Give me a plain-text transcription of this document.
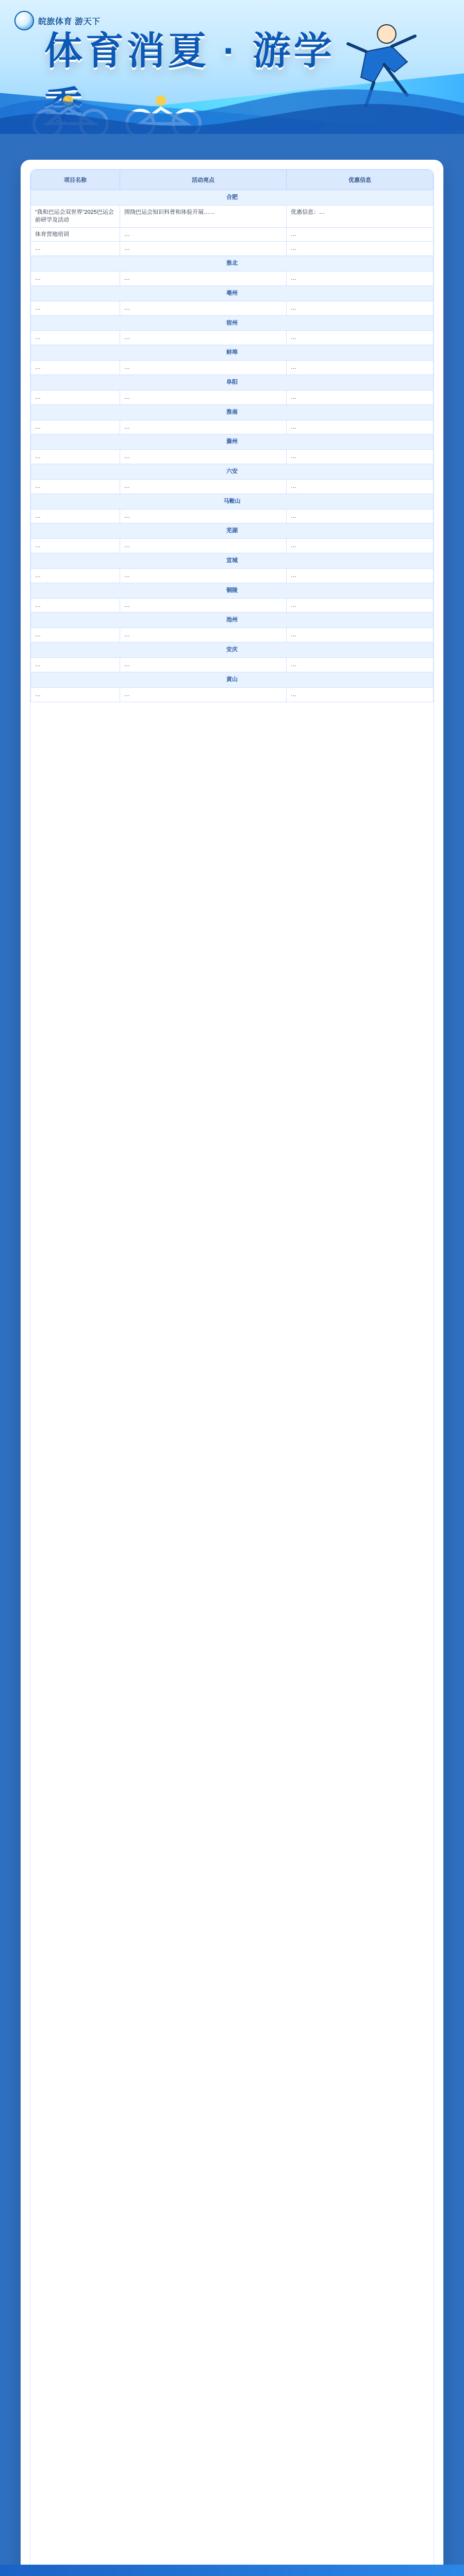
皖旅体育 游天下
体育消夏 · 游学
项目名称	活动亮点	优惠信息
合肥		
“我和巴运会双世界”2025巴运会前研学及活动	围绕巴运会知识科普和体验开展……	优惠信息：…
体育营地培训	…	…
…	…	…
淮北		
…	…	…
亳州		
…	…	…
宿州		
…	…	…
蚌埠		
…	…	…
阜阳		
…	…	…
淮南		
…	…	…
滁州		
…	…	…
六安		
…	…	…
马鞍山		
…	…	…
芜湖		
…	…	…
宣城		
…	…	…
铜陵		
…	…	…
池州		
…	…	…
安庆		
…	…	…
黄山		
…	…	…
